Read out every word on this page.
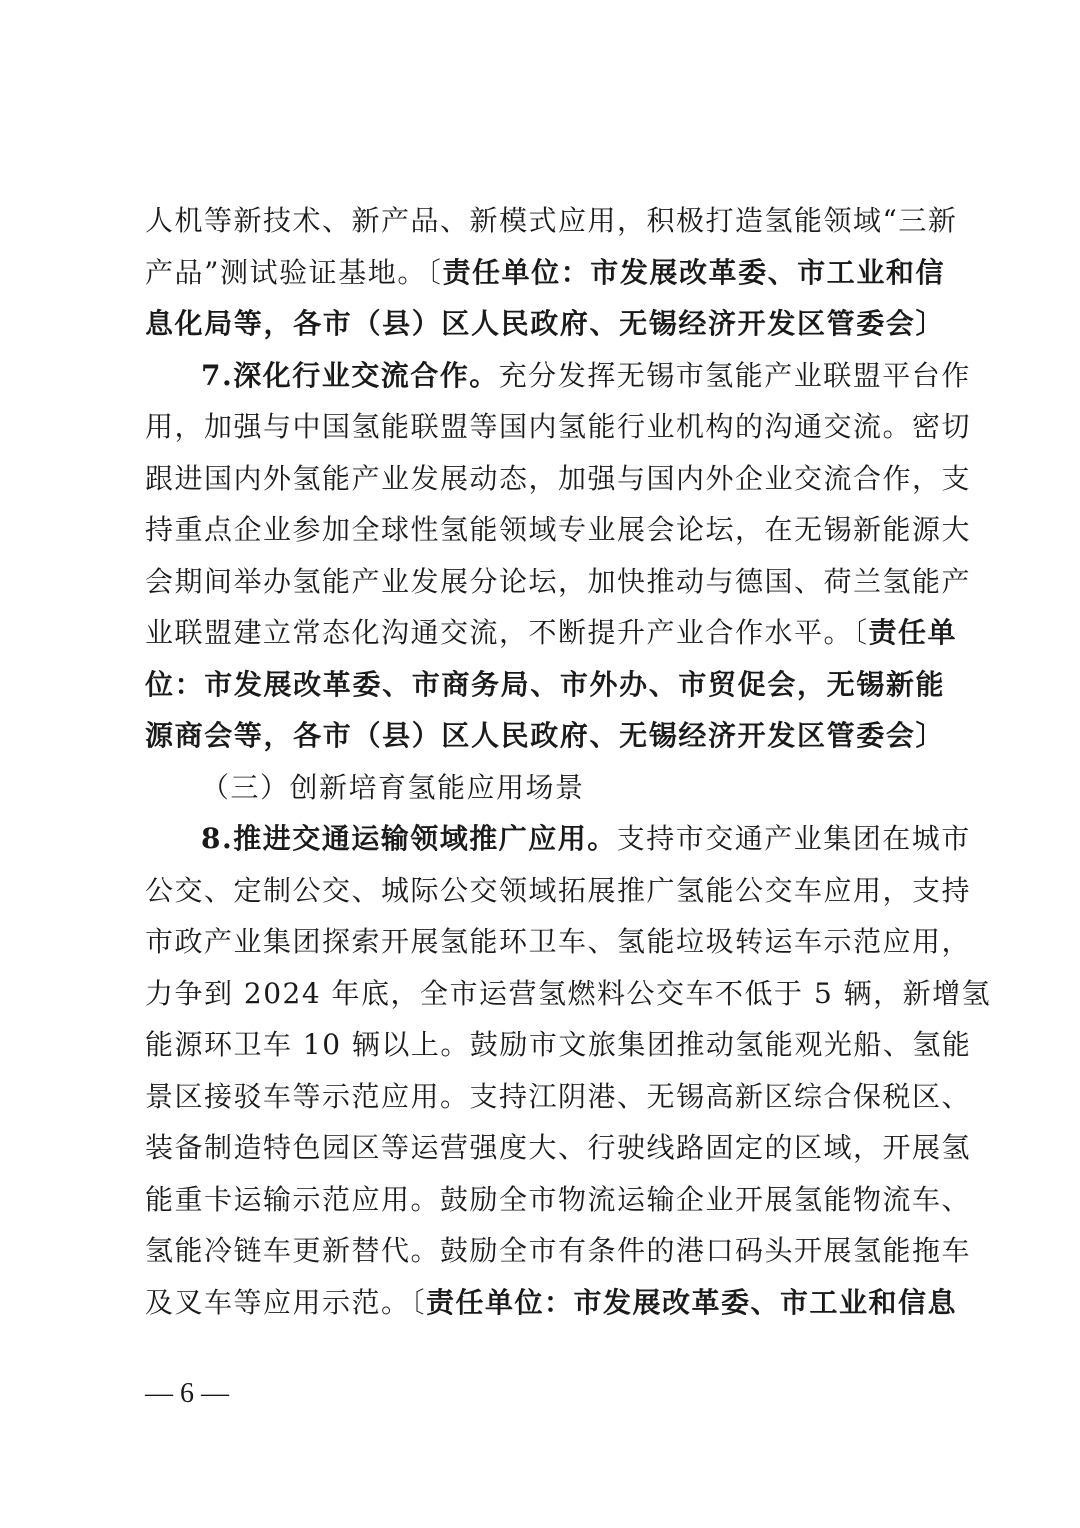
人机等新技术、新产品、新模式应用，积极打造氢能领域“三新
产品”测试验证基地。〔责任单位：市发展改革委、市工业和信
息化局等，各市（县）区人民政府、无锡经济开发区管委会〕
7.深化行业交流合作。充分发挥无锡市氢能产业联盟平台作
用，加强与中国氢能联盟等国内氢能行业机构的沟通交流。密切
跟进国内外氢能产业发展动态，加强与国内外企业交流合作，支
持重点企业参加全球性氢能领域专业展会论坛，在无锡新能源大
会期间举办氢能产业发展分论坛，加快推动与德国、荷兰氢能产
业联盟建立常态化沟通交流，不断提升产业合作水平。〔责任单
位：市发展改革委、市商务局、市外办、市贸促会，无锡新能
源商会等，各市（县）区人民政府、无锡经济开发区管委会〕
（三）创新培育氢能应用场景
8.推进交通运输领域推广应用。支持市交通产业集团在城市
公交、定制公交、城际公交领域拓展推广氢能公交车应用，支持
市政产业集团探索开展氢能环卫车、氢能垃圾转运车示范应用，
力争到 2024 年底，全市运营氢燃料公交车不低于 5 辆，新增氢
能源环卫车 10 辆以上。鼓励市文旅集团推动氢能观光船、氢能
景区接驳车等示范应用。支持江阴港、无锡高新区综合保税区、
装备制造特色园区等运营强度大、行驶线路固定的区域，开展氢
能重卡运输示范应用。鼓励全市物流运输企业开展氢能物流车、
氢能冷链车更新替代。鼓励全市有条件的港口码头开展氢能拖车
及叉车等应用示范。〔责任单位：市发展改革委、市工业和信息
— 6 —
